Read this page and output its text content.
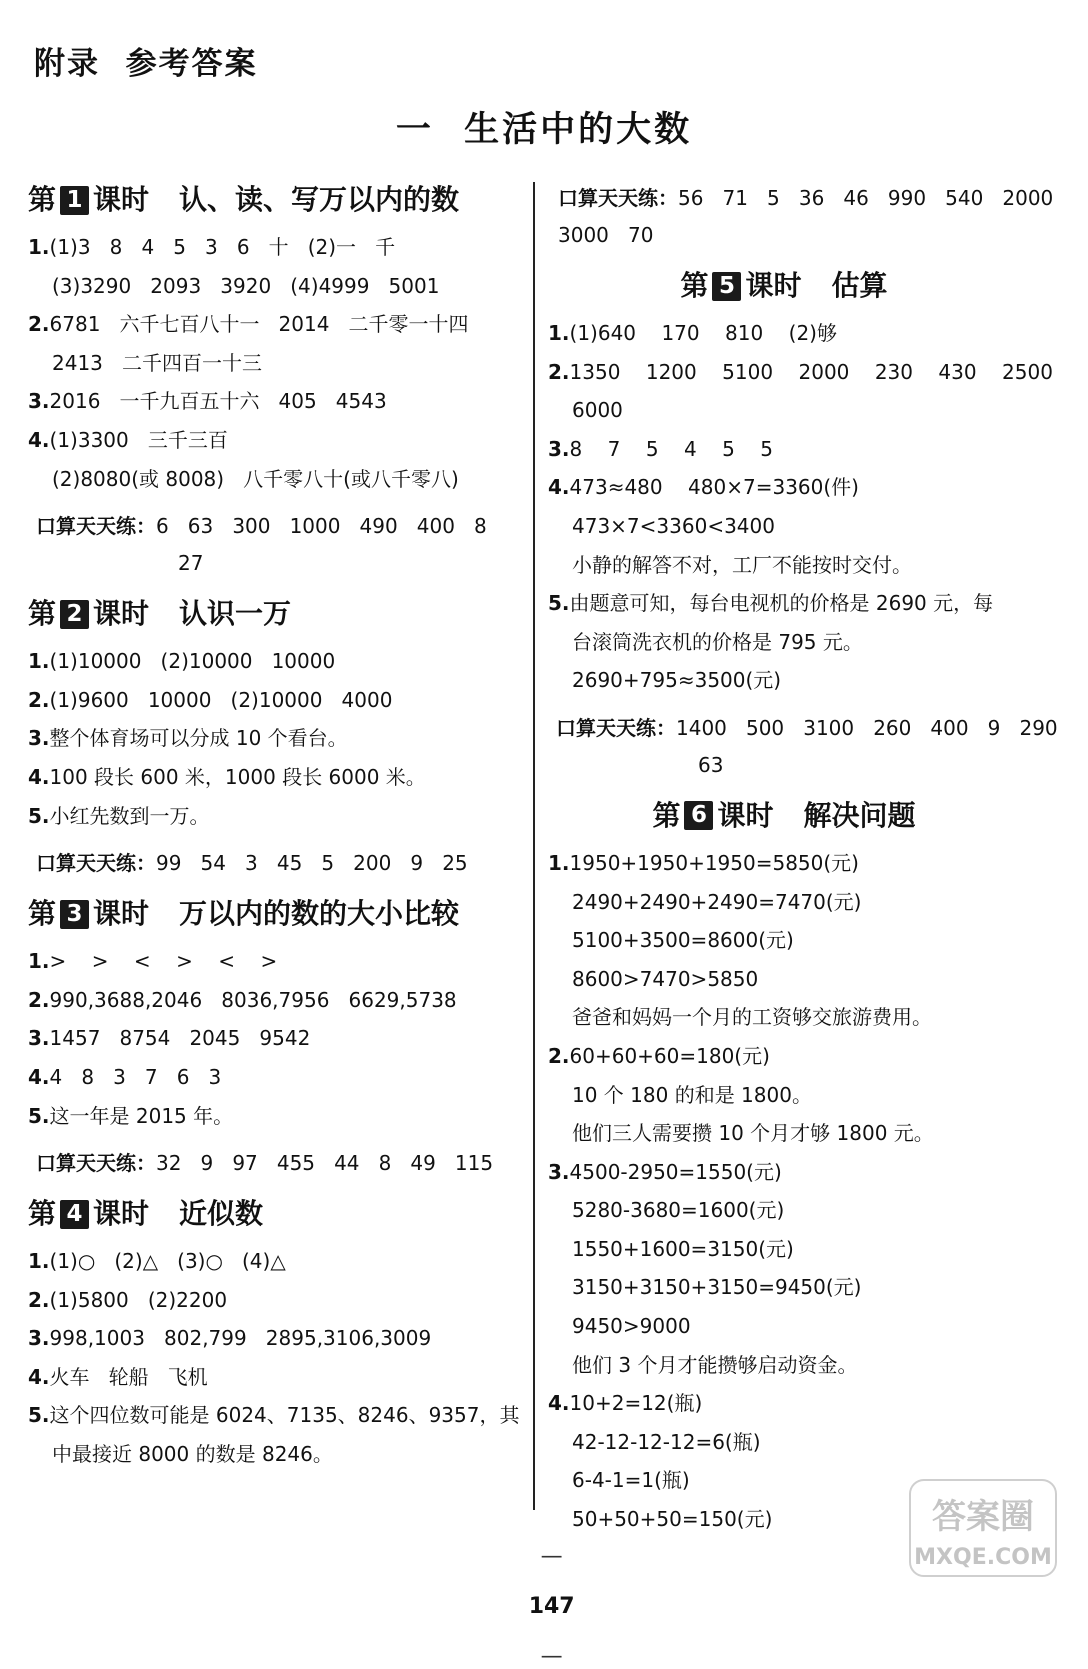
附录  参考答案
一  生活中的大数
第 1 课时 认、读、写万以内的数
1.(1)3   8   4   5   3   6   十   (2)一   千
(3)3290   2093   3920   (4)4999   5001
2.6781   六千七百八十一   2014   二千零一十四
2413   二千四百一十三
3.2016   一千九百五十六   405   4543
4.(1)3300   三千三百
(2)8080(或 8008)   八千零八十(或八千零八)
口算天天练：6   63   300   1000   490   400   8
27
第 2 课时 认识一万
1.(1)10000   (2)10000   10000
2.(1)9600   10000   (2)10000   4000
3.整个体育场可以分成 10 个看台。
4.100 段长 600 米，1000 段长 6000 米。
5.小红先数到一万。
口算天天练：99   54   3   45   5   200   9   25
第 3 课时 万以内的数的大小比较
1.>    >    <    >    <    >
2.990,3688,2046   8036,7956   6629,5738
3.1457   8754   2045   9542
4.4   8   3   7   6   3
5.这一年是 2015 年。
口算天天练：32   9   97   455   44   8   49   115
第 4 课时 近似数
1.(1)○   (2)△   (3)○   (4)△
2.(1)5800   (2)2200
3.998,1003   802,799   2895,3106,3009
4.火车   轮船   飞机
5.这个四位数可能是 6024、7135、8246、9357，其
中最接近 8000 的数是 8246。
口算天天练：56   71   5   36   46   990   540   2000
3000   70
第 5 课时 估算
1.(1)640    170    810    (2)够
2.1350    1200    5100    2000    230    430    2500
6000
3.8    7    5    4    5    5
4.473≈480    480×7=3360(件)
473×7<3360<3400
小静的解答不对，工厂不能按时交付。
5.由题意可知，每台电视机的价格是 2690 元，每
台滚筒洗衣机的价格是 795 元。
2690+795≈3500(元)
口算天天练：1400   500   3100   260   400   9   290
63
第 6 课时 解决问题
1.1950+1950+1950=5850(元)
2490+2490+2490=7470(元)
5100+3500=8600(元)
8600>7470>5850
爸爸和妈妈一个月的工资够交旅游费用。
2.60+60+60=180(元)
10 个 180 的和是 1800。
他们三人需要攒 10 个月才够 1800 元。
3.4500-2950=1550(元)
5280-3680=1600(元)
1550+1600=3150(元)
3150+3150+3150=9450(元)
9450>9000
他们 3 个月才能攒够启动资金。
4.10+2=12(瓶)
42-12-12-12=6(瓶)
6-4-1=1(瓶)
50+50+50=150(元)

—

147

—

答案圈
MXQE.COM
